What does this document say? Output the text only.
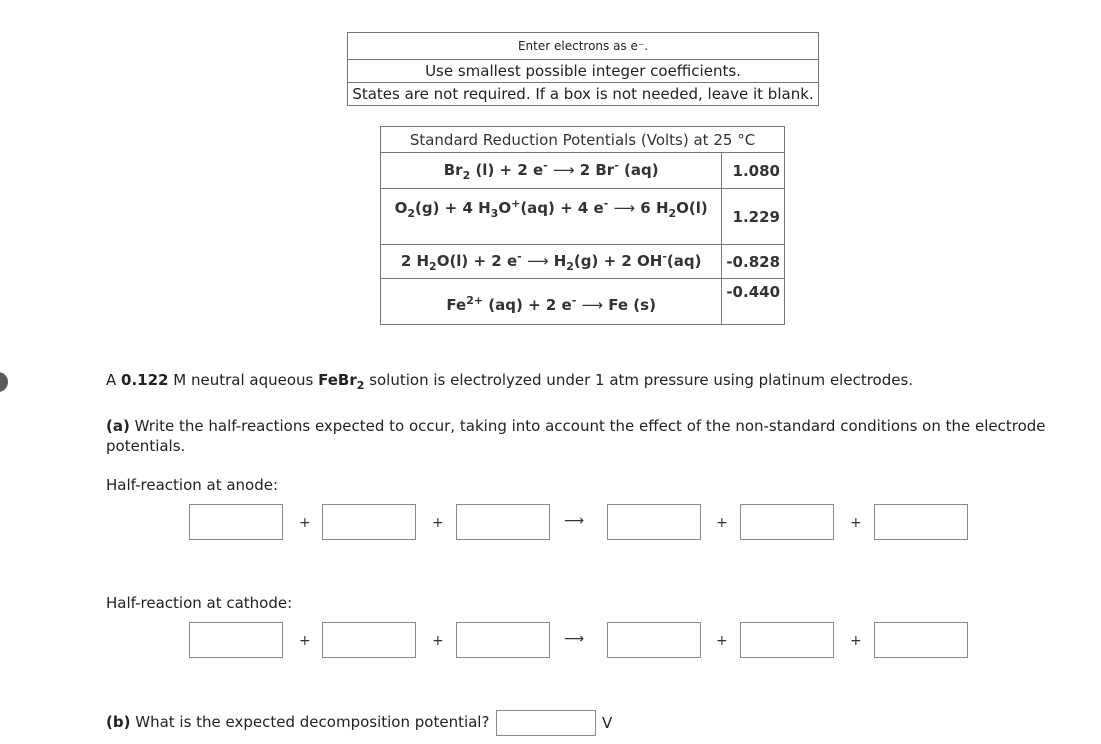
Enter electrons as e⁻.
Use smallest possible integer coefficients.
States are not required. If a box is not needed, leave it blank.
Standard Reduction Potentials (Volts) at 25 °C	
$Br_2$ (l) + 2 e- ⟶ 2 Br- (aq)	1.080
$O_2(g) + 4$ $H_3O^+(aq) + 4$ e- ⟶ 6 $H_2O(l)$	1.229
2 $H_2O(l) + 2$ e- ⟶ $H_2(g) + 2$ OH-(aq)	-0.828
$Fe^{2+}$ (aq) + 2 e- ⟶ Fe (s)	-0.440
A 0.122 M neutral aqueous FeBr$_2$ solution is electrolyzed under 1 atm pressure using platinum electrodes.
(a) Write the half-reactions expected to occur, taking into account the effect of the non-standard conditions on the electrode potentials.
Half-reaction at anode:
+	+	⟶	+	+
Half-reaction at cathode:
+	+	⟶	+	+
(b) What is the expected decomposition potential?	V
